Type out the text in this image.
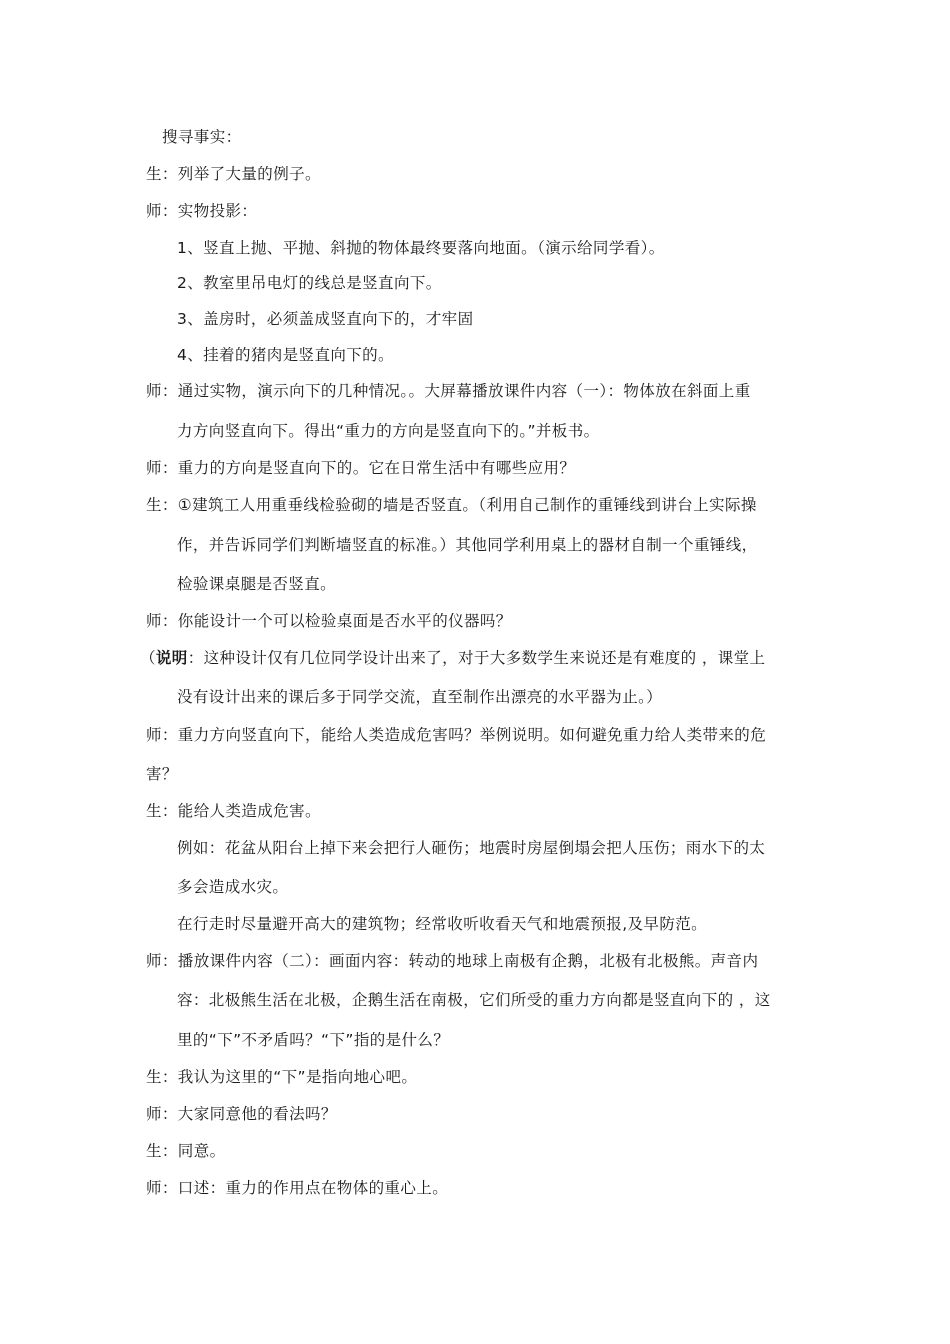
搜寻事实：
生：列举了大量的例子。
师：实物投影：
1、竖直上抛、平抛、斜抛的物体最终要落向地面。（演示给同学看）。
2、教室里吊电灯的线总是竖直向下。
3、盖房时，必须盖成竖直向下的，才牢固
4、挂着的猪肉是竖直向下的。
师：通过实物，演示向下的几种情况。。大屏幕播放课件内容（一）：物体放在斜面上重
力方向竖直向下。得出“重力的方向是竖直向下的。”并板书。
师：重力的方向是竖直向下的。它在日常生活中有哪些应用？
生：①建筑工人用重垂线检验砌的墙是否竖直。（利用自己制作的重锤线到讲台上实际操
作，并告诉同学们判断墙竖直的标准。）其他同学利用桌上的器材自制一个重锤线，
检验课桌腿是否竖直。
师：你能设计一个可以检验桌面是否水平的仪器吗？
（说明：这种设计仅有几位同学设计出来了，对于大多数学生来说还是有难度的 ，课堂上
没有设计出来的课后多于同学交流，直至制作出漂亮的水平器为止。）
师：重力方向竖直向下，能给人类造成危害吗？举例说明。如何避免重力给人类带来的危
害？
生：能给人类造成危害。
例如：花盆从阳台上掉下来会把行人砸伤；地震时房屋倒塌会把人压伤；雨水下的太
多会造成水灾。
在行走时尽量避开高大的建筑物；经常收听收看天气和地震预报,及早防范。
师：播放课件内容（二）：画面内容：转动的地球上南极有企鹅，北极有北极熊。声音内
容：北极熊生活在北极，企鹅生活在南极，它们所受的重力方向都是竖直向下的 ，这
里的“下”不矛盾吗？“下”指的是什么？
生：我认为这里的“下”是指向地心吧。
师：大家同意他的看法吗？
生：同意。
师：口述：重力的作用点在物体的重心上。
